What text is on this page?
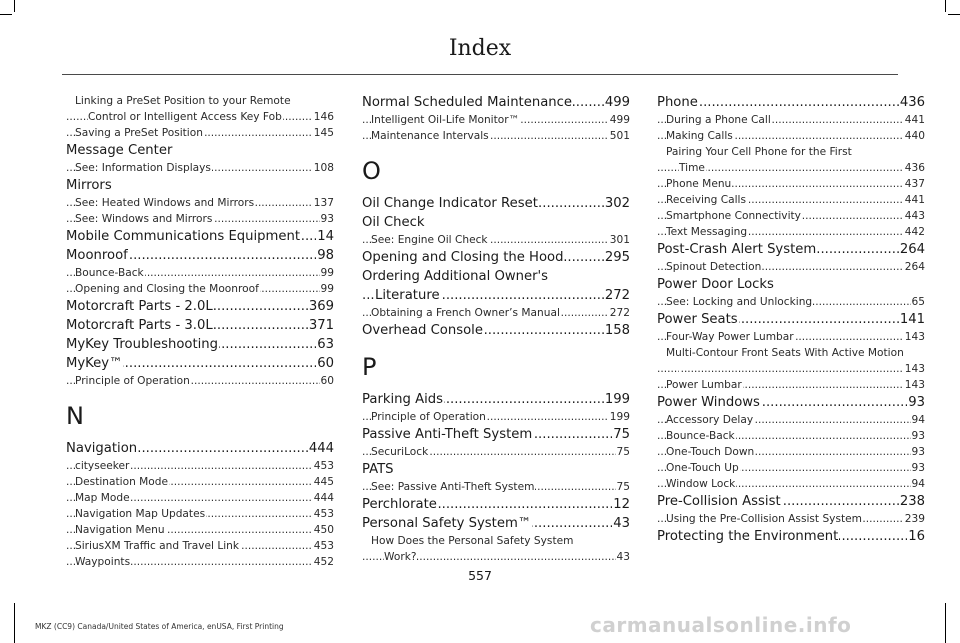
Index
Linking a PreSet Position to your Remote
Control or Intelligent Access Key Fob	146
.....
Saving a PreSet Position	145
.....
Message Center
See: Information Displays	108
.....
Mirrors
See: Heated Windows and Mirrors	137
.....
See: Windows and Mirrors	93
.....
Mobile Communications Equipment 14
.....
Moonroof	98
.....
Bounce-Back	99
.....
Opening and Closing the Moonroof	99
.....
Motorcraft Parts - 2.0L	369
.....
Motorcraft Parts - 3.0L	371
.....
MyKey Troubleshooting	63
.....
MyKey™	60
.....
Principle of Operation	60
.....
N
Navigation	444
.....
cityseeker	453
.....
Destination Mode	445
.....
Map Mode	444
.....
Navigation Map Updates	453
.....
Navigation Menu	450
.....
SiriusXM Traffic and Travel Link	453
.....
Waypoints	452
.....
Normal Scheduled Maintenance 499
.....
Intelligent Oil-Life Monitor™	499
.....
Maintenance Intervals	501
.....
O
Oil Change Indicator Reset	302
.....
Oil Check
See: Engine Oil Check	301
.....
Opening and Closing the Hood	295
.....
Ordering Additional Owner's
Literature	272
.....
Obtaining a French Owner’s Manual	272
.....
Overhead Console	158
.....
P
Parking Aids	199
.....
Principle of Operation	199
.....
Passive Anti-Theft System	75
.....
SecuriLock	75
.....
PATS
See: Passive Anti-Theft System	75
.....
Perchlorate	12
.....
Personal Safety System™	43
.....
How Does the Personal Safety System
Work?	43
.....
Phone	436
.....
During a Phone Call	441
.....
Making Calls	440
.....
Pairing Your Cell Phone for the First
Time	436
.....
Phone Menu	437
.....
Receiving Calls	441
.....
Smartphone Connectivity	443
.....
Text Messaging	442
.....
Post-Crash Alert System	264
.....
Spinout Detection	264
.....
Power Door Locks
See: Locking and Unlocking	65
.....
Power Seats	141
.....
Four-Way Power Lumbar	143
.....
Multi-Contour Front Seats With Active Motion
143
.....
Power Lumbar	143
.....
Power Windows	93
.....
Accessory Delay	94
.....
Bounce-Back	93
.....
One-Touch Down	93
.....
One-Touch Up	93
.....
Window Lock	94
.....
Pre-Collision Assist	238
.....
Using the Pre-Collision Assist System	239
.....
Protecting the Environment	16
.....
557
MKZ (CC9) Canada/United States of America, enUSA, First Printing	carmanualsonline.info
